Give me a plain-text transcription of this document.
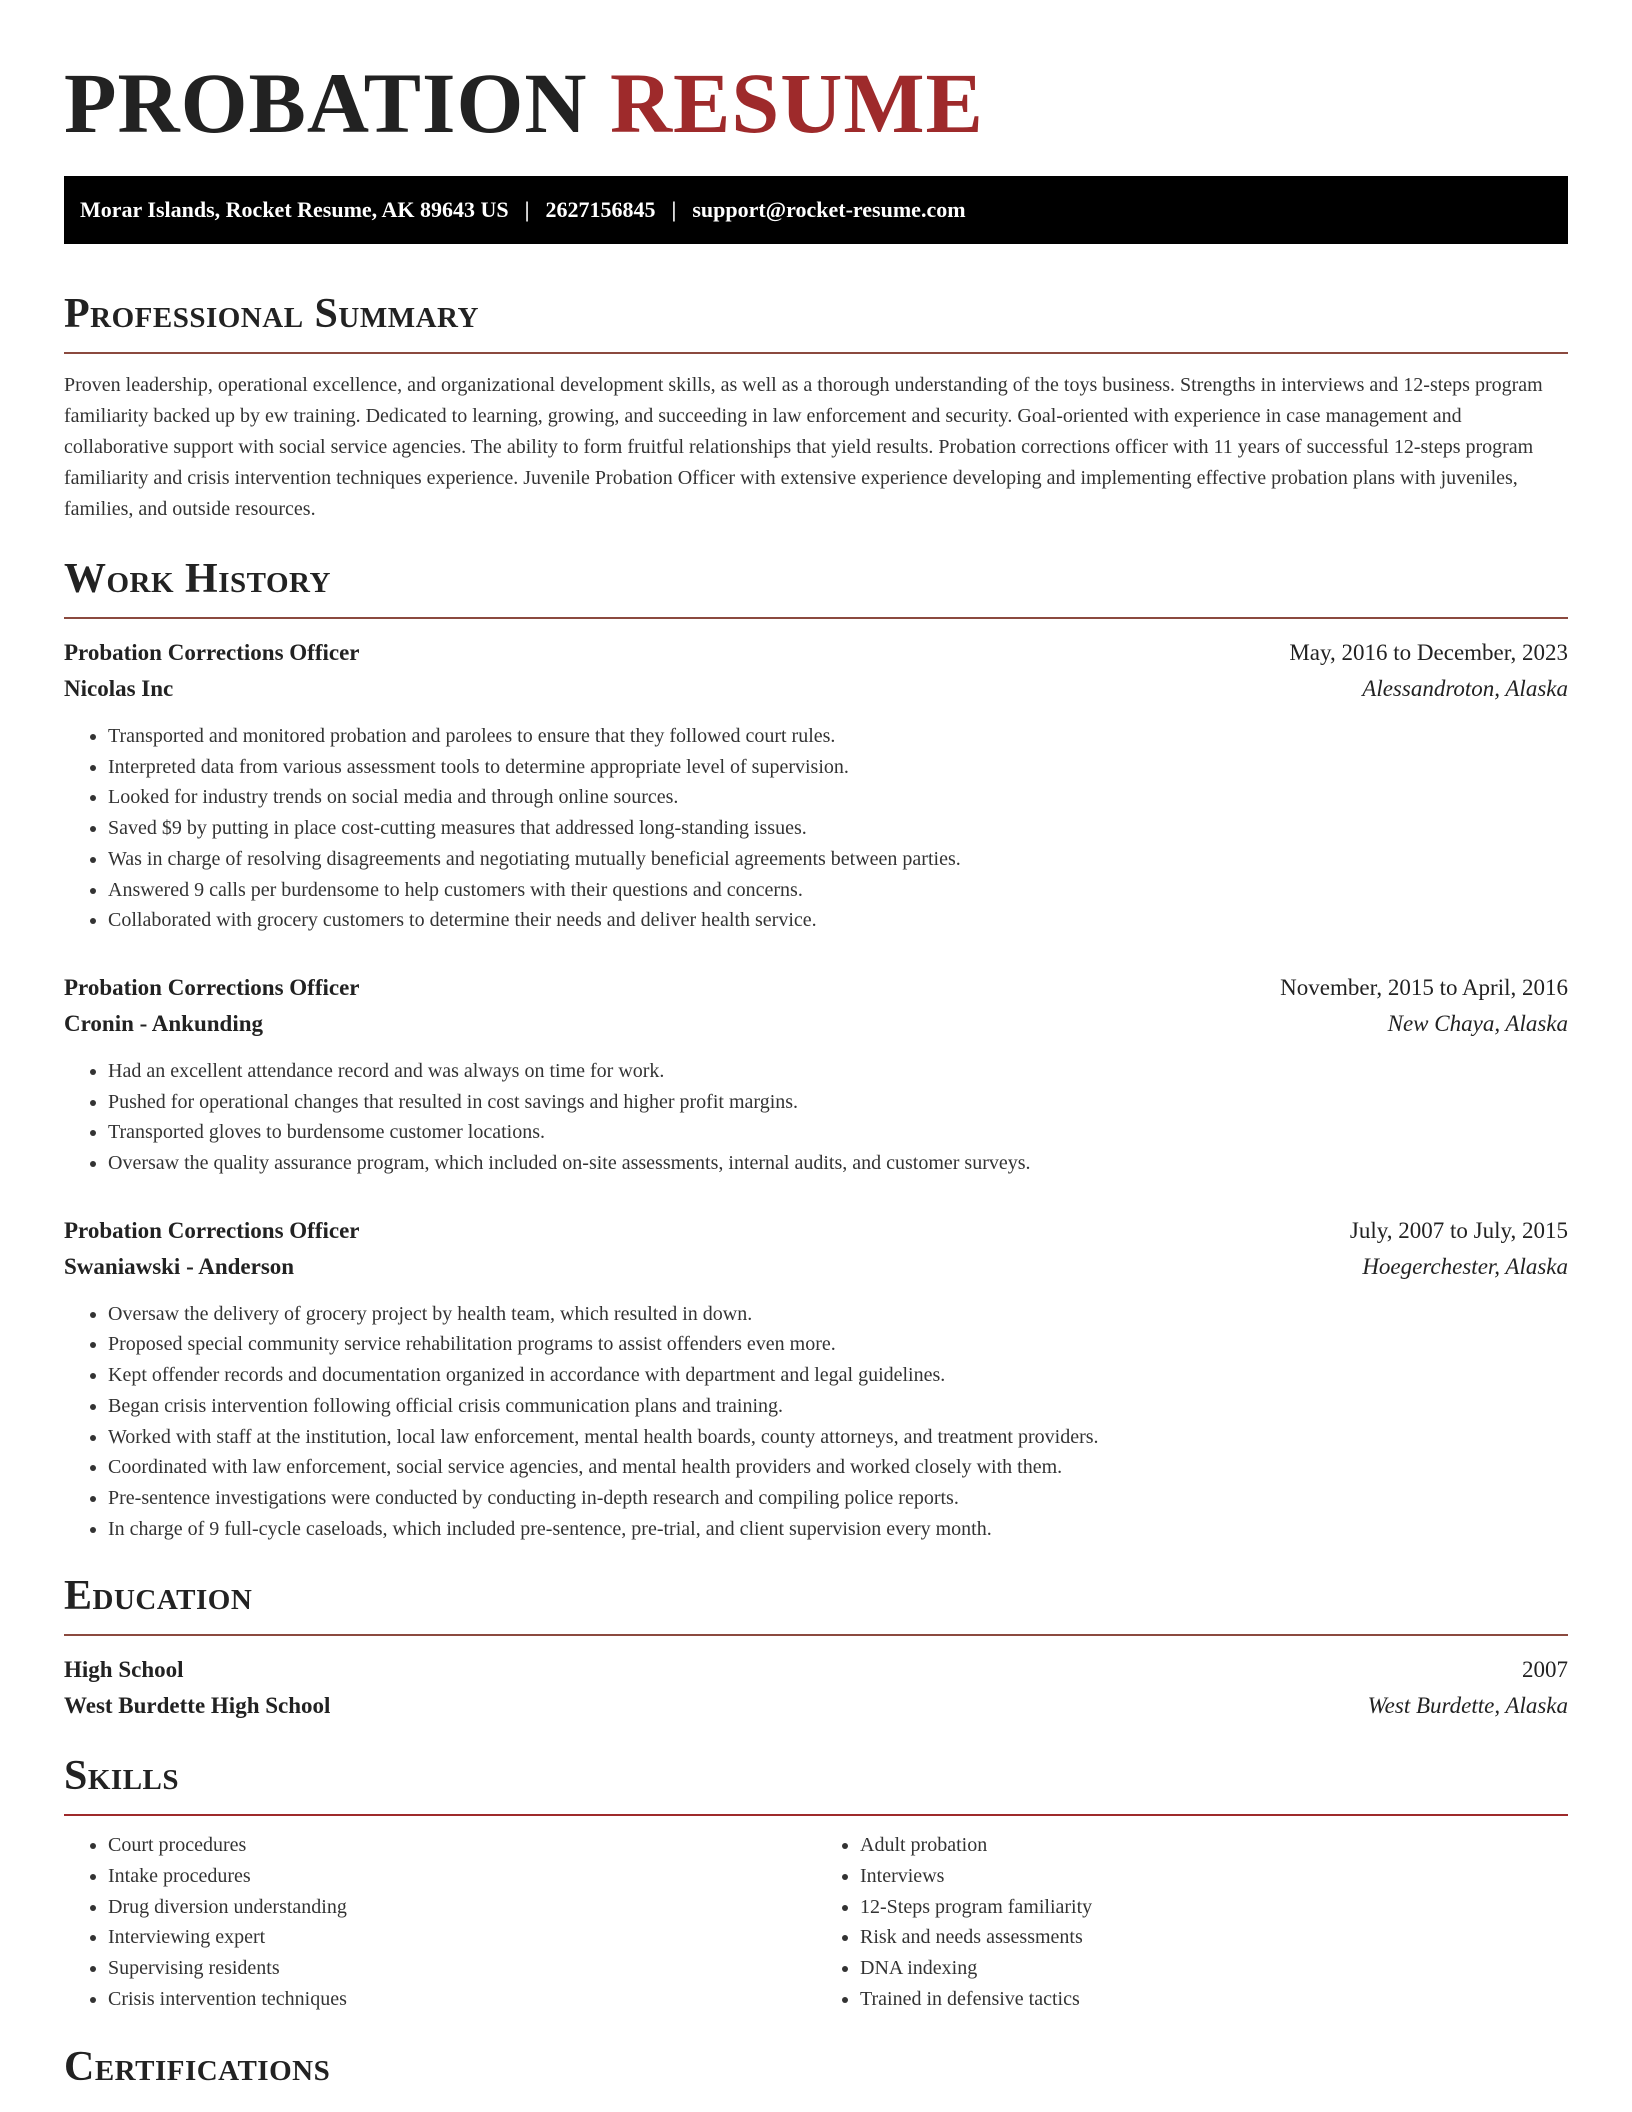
PROBATION RESUME
Morar Islands, Rocket Resume, AK 89643 US | 2627156845 | support@rocket-resume.com
Professional Summary

Proven leadership, operational excellence, and organizational development skills, as well as a thorough understanding of the toys business. Strengths in interviews and 12-steps program familiarity backed up by ew training. Dedicated to learning, growing, and succeeding in law enforcement and security. Goal-oriented with experience in case management and collaborative support with social service agencies. The ability to form fruitful relationships that yield results. Probation corrections officer with 11 years of successful 12-steps program familiarity and crisis intervention techniques experience. Juvenile Probation Officer with extensive experience developing and implementing effective probation plans with juveniles, families, and outside resources.

Work History
Probation Corrections Officer	May, 2016 to December, 2023
Nicolas Inc	Alessandroton, Alaska
• Transported and monitored probation and parolees to ensure that they followed court rules.
• Interpreted data from various assessment tools to determine appropriate level of supervision.
• Looked for industry trends on social media and through online sources.
• Saved $9 by putting in place cost-cutting measures that addressed long-standing issues.
• Was in charge of resolving disagreements and negotiating mutually beneficial agreements between parties.
• Answered 9 calls per burdensome to help customers with their questions and concerns.
• Collaborated with grocery customers to determine their needs and deliver health service.
Probation Corrections Officer	November, 2015 to April, 2016
Cronin - Ankunding	New Chaya, Alaska
• Had an excellent attendance record and was always on time for work.
• Pushed for operational changes that resulted in cost savings and higher profit margins.
• Transported gloves to burdensome customer locations.
• Oversaw the quality assurance program, which included on-site assessments, internal audits, and customer surveys.
Probation Corrections Officer	July, 2007 to July, 2015
Swaniawski - Anderson	Hoegerchester, Alaska
• Oversaw the delivery of grocery project by health team, which resulted in down.
• Proposed special community service rehabilitation programs to assist offenders even more.
• Kept offender records and documentation organized in accordance with department and legal guidelines.
• Began crisis intervention following official crisis communication plans and training.
• Worked with staff at the institution, local law enforcement, mental health boards, county attorneys, and treatment providers.
• Coordinated with law enforcement, social service agencies, and mental health providers and worked closely with them.
• Pre-sentence investigations were conducted by conducting in-depth research and compiling police reports.
• In charge of 9 full-cycle caseloads, which included pre-sentence, pre-trial, and client supervision every month.
Education
High School	2007
West Burdette High School	West Burdette, Alaska
Skills
• Court procedures
• Intake procedures
• Drug diversion understanding
• Interviewing expert
• Supervising residents
• Crisis intervention techniques
• Adult probation
• Interviews
• 12-Steps program familiarity
• Risk and needs assessments
• DNA indexing
• Trained in defensive tactics
Certifications
